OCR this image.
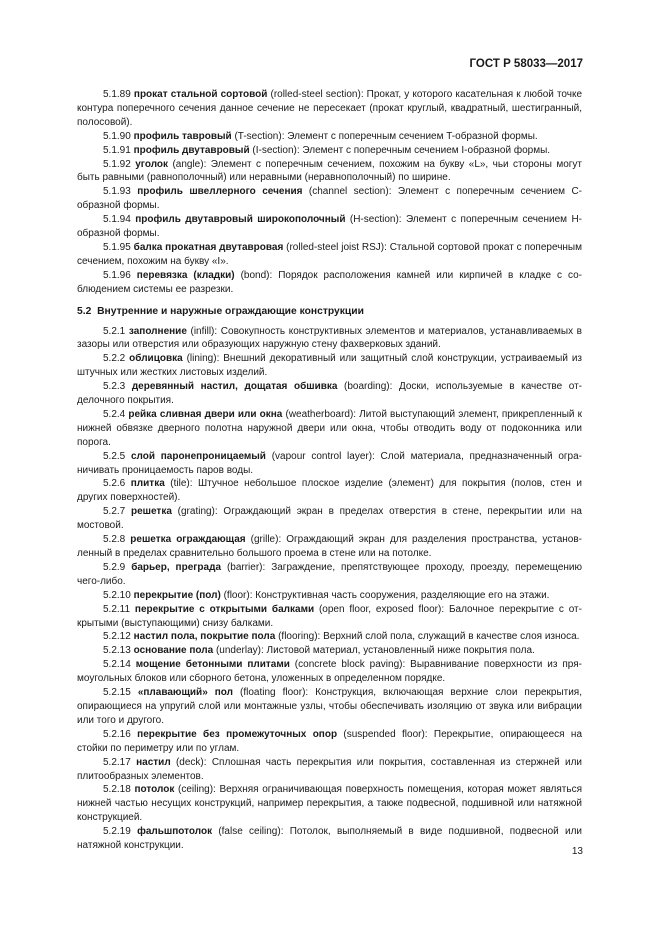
ГОСТ Р 58033—2017

5.1.89 прокат стальной сортовой (rolled-steel section): Прокат, у которого касательная к любой точке контура поперечного сечения данное сечение не пересекает (прокат круглый, квадратный, шестигранный, полосовой).

5.1.90 профиль тавровый (T-section): Элемент с поперечным сечением T-образной формы.

5.1.91 профиль двутавровый (I-section): Элемент с поперечным сечением I-образной формы.

5.1.92 уголок (angle): Элемент с поперечным сечением, похожим на букву «L», чьи стороны могут быть равными (равнополочный) или неравными (неравнополочный) по ширине.

5.1.93 профиль швеллерного сечения (channel section): Элемент с поперечным сечением С-образной формы.

5.1.94 профиль двутавровый широкополочный (H-section): Элемент с поперечным сечением Н-образной формы.

5.1.95 балка прокатная двутавровая (rolled-steel joist RSJ): Стальной сортовой прокат с поперечным сечением, похожим на букву «I».

5.1.96 перевязка (кладки) (bond): Порядок расположения камней или кирпичей в кладке с соблюдением системы ее разрезки.

5.2 Внутренние и наружные ограждающие конструкции

5.2.1 заполнение (infill): Совокупность конструктивных элементов и материалов, устанавливаемых в зазоры или отверстия или образующих наружную стену фахверковых зданий.

5.2.2 облицовка (lining): Внешний декоративный или защитный слой конструкции, устраиваемый из штучных или жестких листовых изделий.

5.2.3 деревянный настил, дощатая обшивка (boarding): Доски, используемые в качестве отделочного покрытия.

5.2.4 рейка сливная двери или окна (weatherboard): Литой выступающий элемент, прикрепленный к нижней обвязке дверного полотна наружной двери или окна, чтобы отводить воду от подоконника или порога.

5.2.5 слой паронепроницаемый (vapour control layer): Слой материала, предназначенный ограничивать проницаемость паров воды.

5.2.6 плитка (tile): Штучное небольшое плоское изделие (элемент) для покрытия (полов, стен и других поверхностей).

5.2.7 решетка (grating): Ограждающий экран в пределах отверстия в стене, перекрытии или на мостовой.

5.2.8 решетка ограждающая (grille): Ограждающий экран для разделения пространства, установленный в пределах сравнительно большого проема в стене или на потолке.

5.2.9 барьер, преграда (barrier): Заграждение, препятствующее проходу, проезду, перемещению чего-либо.

5.2.10 перекрытие (пол) (floor): Конструктивная часть сооружения, разделяющие его на этажи.

5.2.11 перекрытие с открытыми балками (open floor, exposed floor): Балочное перекрытие с открытыми (выступающими) снизу балками.

5.2.12 настил пола, покрытие пола (flooring): Верхний слой пола, служащий в качестве слоя износа.

5.2.13 основание пола (underlay): Листовой материал, установленный ниже покрытия пола.

5.2.14 мощение бетонными плитами (concrete block paving): Выравнивание поверхности из прямоугольных блоков или сборного бетона, уложенных в определенном порядке.

5.2.15 «плавающий» пол (floating floor): Конструкция, включающая верхние слои перекрытия, опирающиеся на упругий слой или монтажные узлы, чтобы обеспечивать изоляцию от звука или вибрации или того и другого.

5.2.16 перекрытие без промежуточных опор (suspended floor): Перекрытие, опирающееся на стойки по периметру или по углам.

5.2.17 настил (deck): Сплошная часть перекрытия или покрытия, составленная из стержней или плитообразных элементов.

5.2.18 потолок (ceiling): Верхняя ограничивающая поверхность помещения, которая может являться нижней частью несущих конструкций, например перекрытия, а также подвесной, подшивной или натяжной конструкцией.

5.2.19 фальшпотолок (false ceiling): Потолок, выполняемый в виде подшивной, подвесной или натяжной конструкции.

13
